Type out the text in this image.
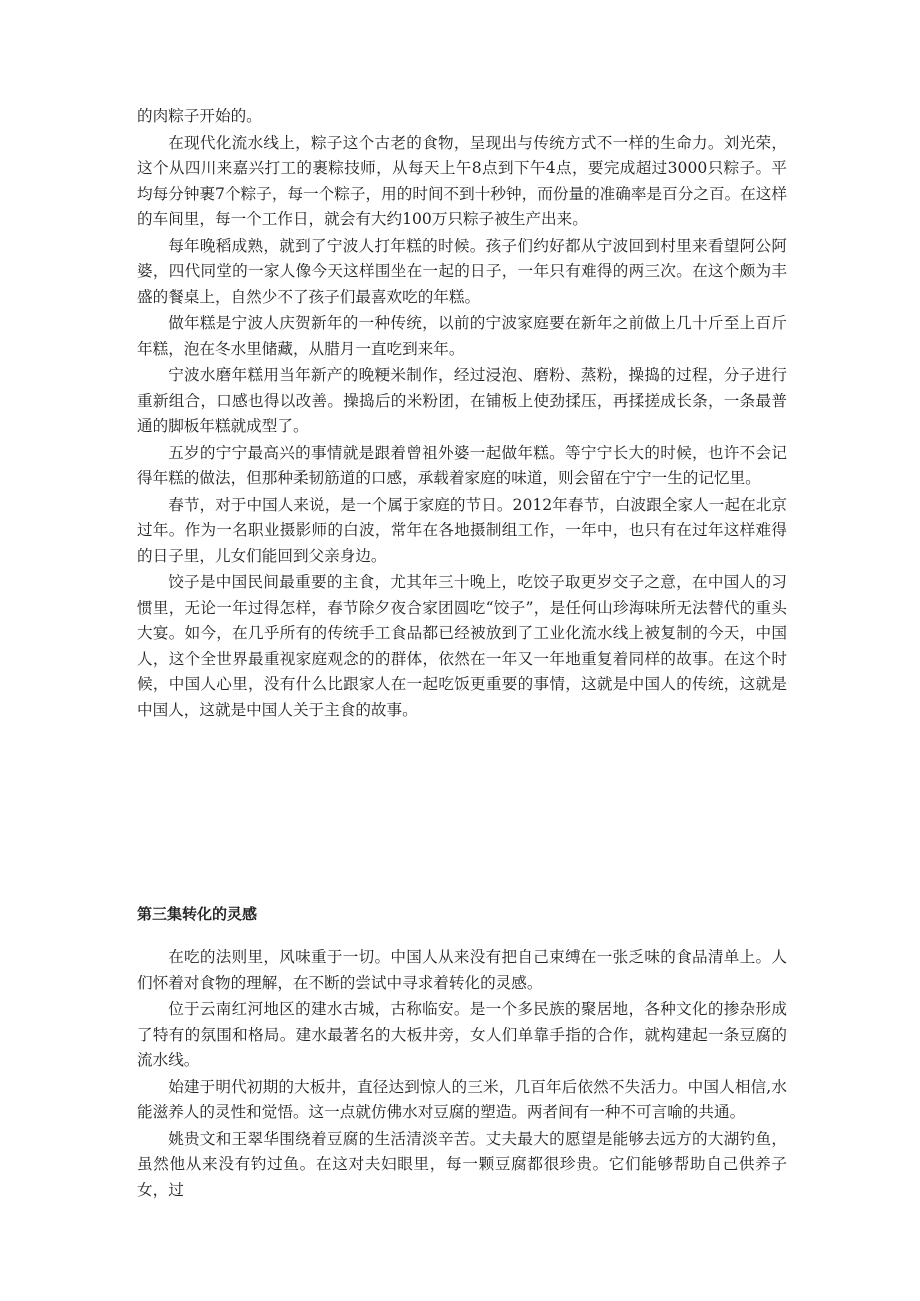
的肉粽子开始的。

在现代化流水线上，粽子这个古老的食物，呈现出与传统方式不一样的生命力。刘光荣，这个从四川来嘉兴打工的裹粽技师，从每天上午8点到下午4点，要完成超过3000只粽子。平均每分钟裹7个粽子，每一个粽子，用的时间不到十秒钟，而份量的准确率是百分之百。在这样的车间里，每一个工作日，就会有大约100万只粽子被生产出来。

每年晚稻成熟，就到了宁波人打年糕的时候。孩子们约好都从宁波回到村里来看望阿公阿婆，四代同堂的一家人像今天这样围坐在一起的日子，一年只有难得的两三次。在这个颇为丰盛的餐桌上，自然少不了孩子们最喜欢吃的年糕。

做年糕是宁波人庆贺新年的一种传统，以前的宁波家庭要在新年之前做上几十斤至上百斤年糕，泡在冬水里储藏，从腊月一直吃到来年。

宁波水磨年糕用当年新产的晚粳米制作，经过浸泡、磨粉、蒸粉，操捣的过程，分子进行重新组合，口感也得以改善。操捣后的米粉团，在铺板上使劲揉压，再揉搓成长条，一条最普通的脚板年糕就成型了。

五岁的宁宁最高兴的事情就是跟着曾祖外婆一起做年糕。等宁宁长大的时候，也许不会记得年糕的做法，但那种柔韧筋道的口感，承载着家庭的味道，则会留在宁宁一生的记忆里。

春节，对于中国人来说，是一个属于家庭的节日。2012年春节，白波跟全家人一起在北京过年。作为一名职业摄影师的白波，常年在各地摄制组工作，一年中，也只有在过年这样难得的日子里，儿女们能回到父亲身边。

饺子是中国民间最重要的主食，尤其年三十晚上，吃饺子取更岁交子之意，在中国人的习惯里，无论一年过得怎样，春节除夕夜合家团圆吃“饺子”，是任何山珍海味所无法替代的重头大宴。如今，在几乎所有的传统手工食品都已经被放到了工业化流水线上被复制的今天，中国人，这个全世界最重视家庭观念的的群体，依然在一年又一年地重复着同样的故事。在这个时候，中国人心里，没有什么比跟家人在一起吃饭更重要的事情，这就是中国人的传统，这就是中国人，这就是中国人关于主食的故事。

第三集转化的灵感

在吃的法则里，风味重于一切。中国人从来没有把自己束缚在一张乏味的食品清单上。人们怀着对食物的理解，在不断的尝试中寻求着转化的灵感。

位于云南红河地区的建水古城，古称临安。是一个多民族的聚居地，各种文化的掺杂形成了特有的氛围和格局。建水最著名的大板井旁，女人们单靠手指的合作，就构建起一条豆腐的流水线。

始建于明代初期的大板井，直径达到惊人的三米，几百年后依然不失活力。中国人相信,水能滋养人的灵性和觉悟。这一点就仿佛水对豆腐的塑造。两者间有一种不可言喻的共通。

姚贵文和王翠华围绕着豆腐的生活清淡辛苦。丈夫最大的愿望是能够去远方的大湖钓鱼，虽然他从来没有钓过鱼。在这对夫妇眼里，每一颗豆腐都很珍贵。它们能够帮助自己供养子女，过
